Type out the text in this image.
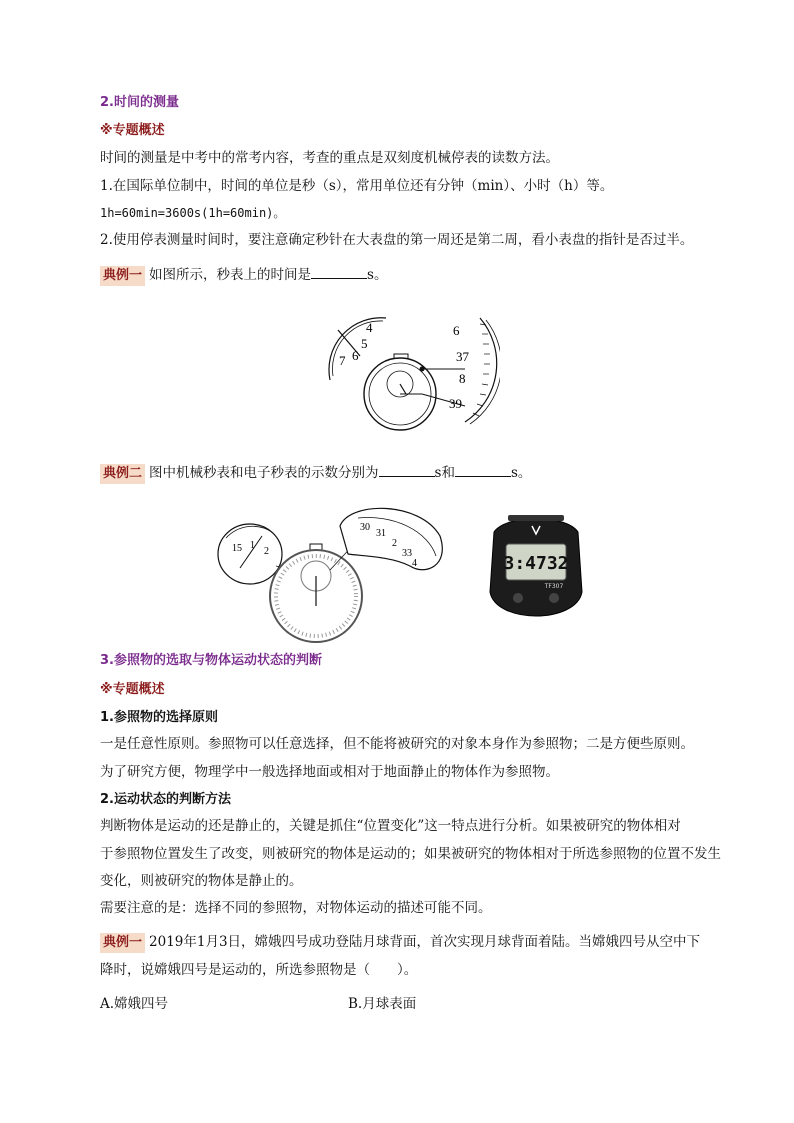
2.时间的测量
※专题概述
时间的测量是中考中的常考内容，考查的重点是双刻度机械停表的读数方法。
1.在国际单位制中，时间的单位是秒（s），常用单位还有分钟（min）、小时（h）等。
1h=60min=3600s(1h=60min)。
2.使用停表测量时间时，要注意确定秒针在大表盘的第一周还是第二周，看小表盘的指针是否过半。
典例一 如图所示，秒表上的时间是	s。
4
5
6
7
6
37
8
39
典例二 图中机械秒表和电子秒表的示数分别为	s和	s。
15 1
2
30
31
2
33
4	3:4732
TF307
3.参照物的选取与物体运动状态的判断
※专题概述
1.参照物的选择原则
一是任意性原则。参照物可以任意选择，但不能将被研究的对象本身作为参照物；二是方便些原则。
为了研究方便，物理学中一般选择地面或相对于地面静止的物体作为参照物。
2.运动状态的判断方法
判断物体是运动的还是静止的，关键是抓住“位置变化”这一特点进行分析。如果被研究的物体相对
于参照物位置发生了改变，则被研究的物体是运动的；如果被研究的物体相对于所选参照物的位置不发生
变化，则被研究的物体是静止的。
需要注意的是：选择不同的参照物，对物体运动的描述可能不同。
典例一 2019年1月3日，嫦娥四号成功登陆月球背面，首次实现月球背面着陆。当嫦娥四号从空中下
降时，说嫦娥四号是运动的，所选参照物是（　　）。
A.嫦娥四号	B.月球表面
